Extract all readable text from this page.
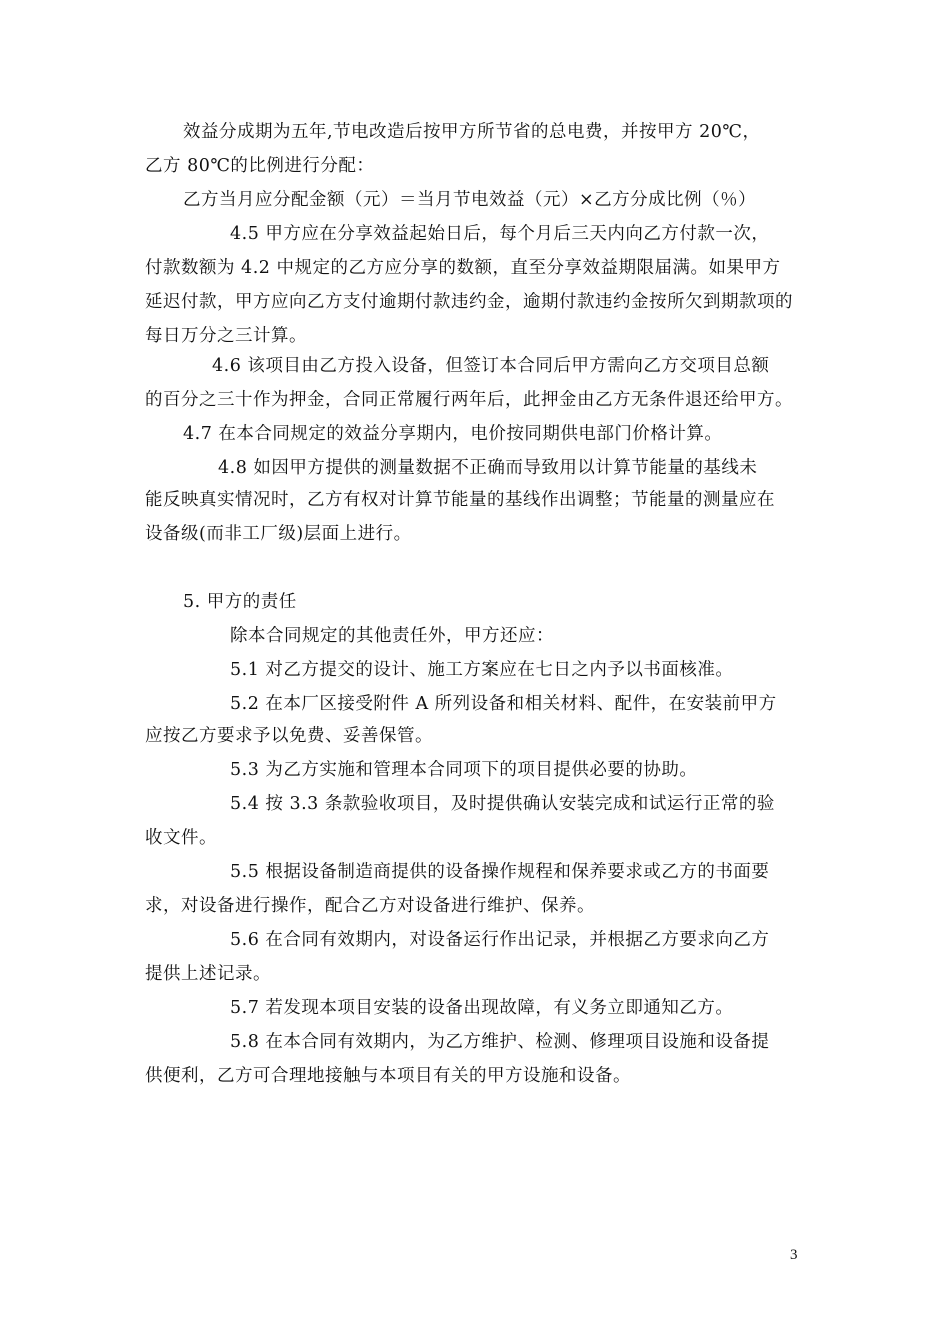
效益分成期为五年,节电改造后按甲方所节省的总电费，并按甲方 20℃，
乙方 80℃的比例进行分配：
乙方当月应分配金额（元）＝当月节电效益（元）×乙方分成比例（％）
4.5 甲方应在分享效益起始日后，每个月后三天内向乙方付款一次，
付款数额为 4.2 中规定的乙方应分享的数额，直至分享效益期限届满。如果甲方
延迟付款，甲方应向乙方支付逾期付款违约金，逾期付款违约金按所欠到期款项的
每日万分之三计算。
4.6 该项目由乙方投入设备，但签订本合同后甲方需向乙方交项目总额
的百分之三十作为押金，合同正常履行两年后，此押金由乙方无条件退还给甲方。
4.7 在本合同规定的效益分享期内，电价按同期供电部门价格计算。
4.8 如因甲方提供的测量数据不正确而导致用以计算节能量的基线未
能反映真实情况时，乙方有权对计算节能量的基线作出调整；节能量的测量应在
设备级(而非工厂级)层面上进行。
5. 甲方的责任
除本合同规定的其他责任外，甲方还应：
5.1 对乙方提交的设计、施工方案应在七日之内予以书面核准。
5.2 在本厂区接受附件 A 所列设备和相关材料、配件，在安装前甲方
应按乙方要求予以免费、妥善保管。
5.3 为乙方实施和管理本合同项下的项目提供必要的协助。
5.4 按 3.3 条款验收项目，及时提供确认安装完成和试运行正常的验
收文件。
5.5 根据设备制造商提供的设备操作规程和保养要求或乙方的书面要
求，对设备进行操作，配合乙方对设备进行维护、保养。
5.6 在合同有效期内，对设备运行作出记录，并根据乙方要求向乙方
提供上述记录。
5.7 若发现本项目安装的设备出现故障，有义务立即通知乙方。
5.8 在本合同有效期内，为乙方维护、检测、修理项目设施和设备提
供便利，乙方可合理地接触与本项目有关的甲方设施和设备。
3
